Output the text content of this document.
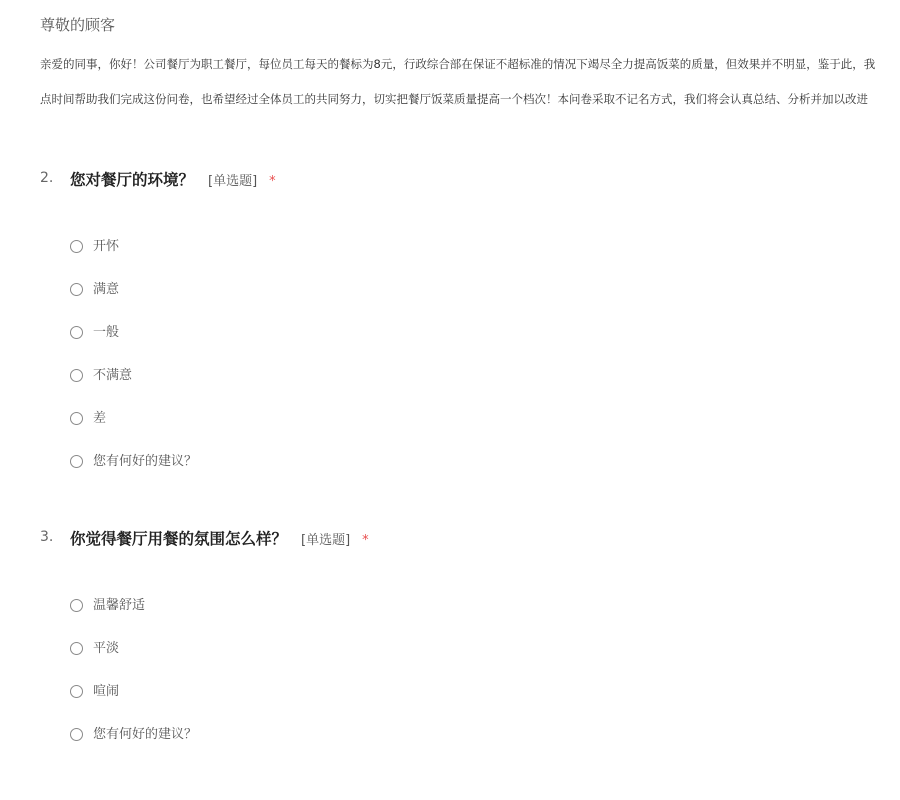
尊敬的顾客
亲爱的同事，你好！公司餐厅为职工餐厅，每位员工每天的餐标为8元，行政综合部在保证不超标准的情况下竭尽全力提高饭菜的质量，但效果并不明显，鉴于此，我
点时间帮助我们完成这份问卷，也希望经过全体员工的共同努力，切实把餐厅饭菜质量提高一个档次！本问卷采取不记名方式，我们将会认真总结、分析并加以改进
2. 您对餐厅的环境？ [单选题] *
开怀
满意
一般
不满意
差
您有何好的建议？
3. 你觉得餐厅用餐的氛围怎么样？ [单选题] *
温馨舒适
平淡
喧闹
您有何好的建议？
